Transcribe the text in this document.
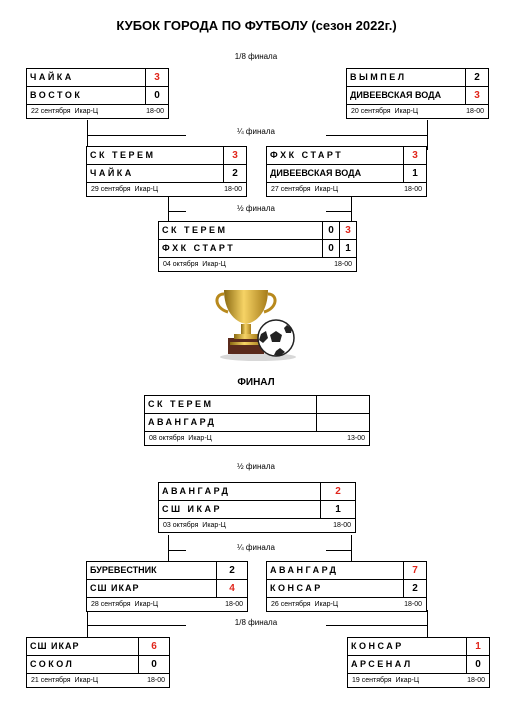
КУБОК ГОРОДА ПО ФУТБОЛУ (сезон 2022г.)
1/8 финала
¼ финала
½ финала
ФИНАЛ
½ финала
¼ финала
1/8 финала
ЧАЙКА	3
ВОСТОК	0
22 сентября Икар-Ц	18-00
ВЫМПЕЛ	2
ДИВЕЕВСКАЯ ВОДА	3
20 сентября Икар-Ц	18-00
СК ТЕРЕМ	3
ЧАЙКА	2
29 сентября Икар-Ц	18-00
ФХК СТАРТ	3
ДИВЕЕВСКАЯ ВОДА	1
27 сентября Икар-Ц	18-00
СК ТЕРЕМ	0	3
ФХК СТАРТ	0	1
04 октября Икар-Ц	18-00
СК ТЕРЕМ
АВАНГАРД
08 октября Икар-Ц	13-00
АВАНГАРД	2
СШ ИКАР	1
03 октября Икар-Ц	18-00
БУРЕВЕСТНИК	2
СШ ИКАР	4
28 сентября Икар-Ц	18-00
АВАНГАРД	7
КОНСАР	2
26 сентября Икар-Ц	18-00
СШ ИКАР	6
СОКОЛ	0
21 сентября Икар-Ц	18-00
КОНСАР	1
АРСЕНАЛ	0
19 сентября Икар-Ц	18-00
